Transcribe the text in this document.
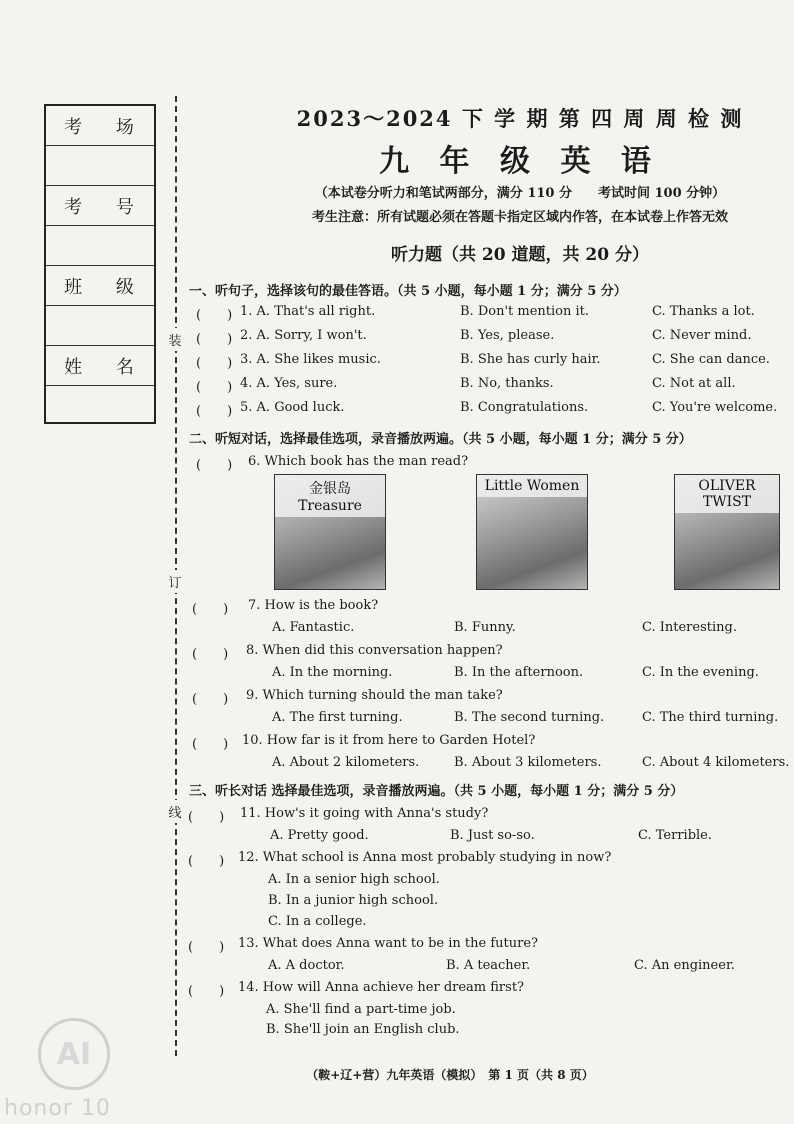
考 场
考 号
班 级
姓 名
装
订
线
2023～2024 下 学 期 第 四 周 周 检 测
九 年 级 英 语
（本试卷分听力和笔试两部分，满分 110 分　　考试时间 100 分钟）
考生注意：所有试题必须在答题卡指定区域内作答，在本试卷上作答无效
听力题（共 20 道题，共 20 分）
一、听句子，选择该句的最佳答语。（共 5 小题，每小题 1 分；满分 5 分）
(　　) 1. A. That's all right.	B. Don't mention it.	C. Thanks a lot.
(　　) 2. A. Sorry, I won't.	B. Yes, please.	C. Never mind.
(　　) 3. A. She likes music.	B. She has curly hair.	C. She can dance.
(　　) 4. A. Yes, sure.	B. No, thanks.	C. Not at all.
(　　) 5. A. Good luck.	B. Congratulations.	C. You're welcome.
二、听短对话，选择最佳选项，录音播放两遍。（共 5 小题，每小题 1 分；满分 5 分）
(　　) 6. Which book has the man read?
金银岛 Treasure
Little Women	OLIVER TWIST
(　　) 7. How is the book?
A. Fantastic.	B. Funny.	C. Interesting.
(　　) 8. When did this conversation happen?
A. In the morning.	B. In the afternoon.	C. In the evening.
(　　) 9. Which turning should the man take?
A. The first turning.	B. The second turning.	C. The third turning.
(　　) 10. How far is it from here to Garden Hotel?
A. About 2 kilometers.	B. About 3 kilometers.	C. About 4 kilometers.
三、听长对话 选择最佳选项，录音播放两遍。（共 5 小题，每小题 1 分；满分 5 分）
(　　) 11. How's it going with Anna's study?
A. Pretty good.	B. Just so-so.	C. Terrible.
(　　) 12. What school is Anna most probably studying in now?
A. In a senior high school.
B. In a junior high school.
C. In a college.
(　　) 13. What does Anna want to be in the future?
A. A doctor.	B. A teacher.	C. An engineer.
(　　) 14. How will Anna achieve her dream first?
A. She'll find a part-time job.
B. She'll join an English club.
（鞍+辽+营）九年英语（模拟）　第 1 页（共 8 页）
AI
honor 10
